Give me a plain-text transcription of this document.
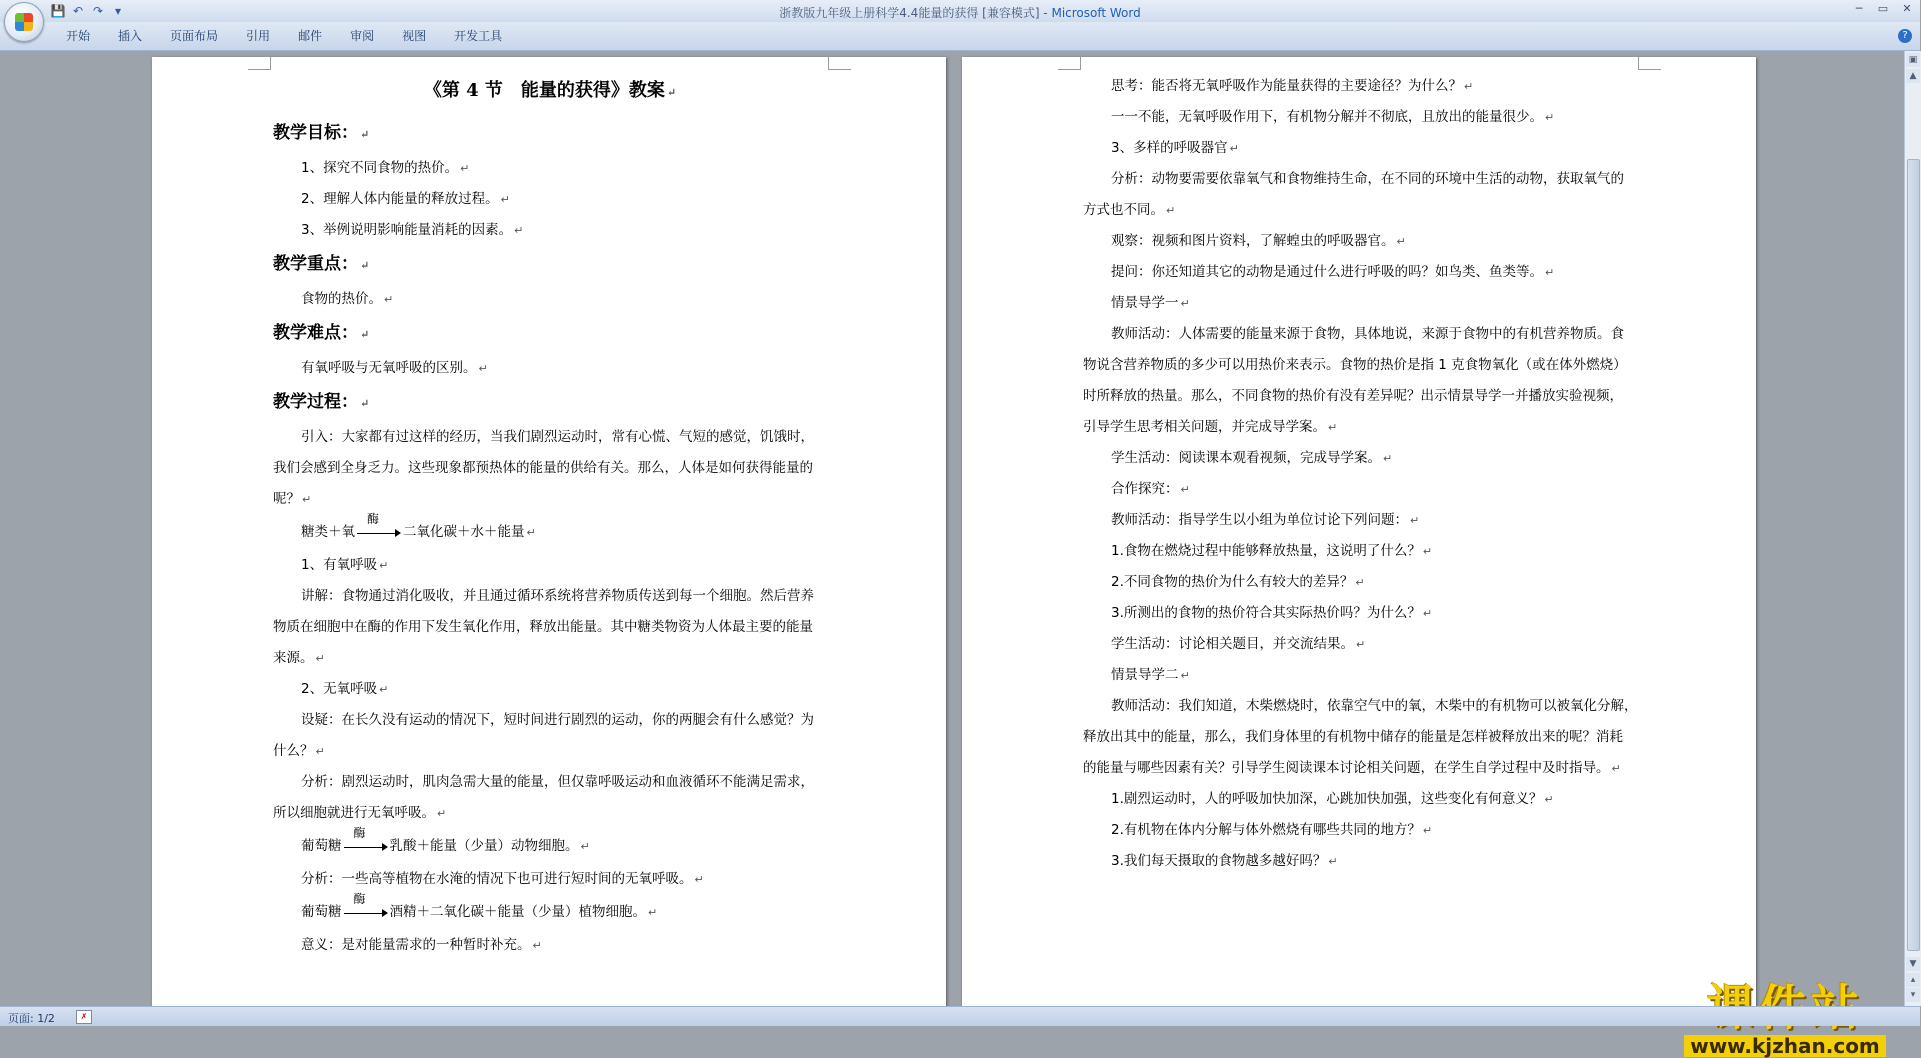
💾 ↶ ↷ ▾	浙教版九年级上册科学4.4能量的获得 [兼容模式] - Microsoft Word	─	▭ ✕
开始	插入	页面布局	引用	邮件	审阅	视图	开发工具	?
《第 4 节　能量的获得》教案 ↵
教学目标： ↵
1、探究不同食物的热价。 ↵
2、理解人体内能量的释放过程。 ↵
3、举例说明影响能量消耗的因素。 ↵
教学重点： ↵
食物的热价。 ↵
教学难点： ↵
有氧呼吸与无氧呼吸的区别。 ↵
教学过程： ↵
引入：大家都有过这样的经历，当我们剧烈运动时，常有心慌、气短的感觉，饥饿时，
我们会感到全身乏力。这些现象都预热体的能量的供给有关。那么，人体是如何获得能量的
呢？ ↵
糖类＋氧
酶
二氧化碳＋水＋能量 ↵
1、有氧呼吸 ↵
讲解：食物通过消化吸收，并且通过循环系统将营养物质传送到每一个细胞。然后营养
物质在细胞中在酶的作用下发生氧化作用，释放出能量。其中糖类物资为人体最主要的能量
来源。 ↵
2、无氧呼吸 ↵
设疑：在长久没有运动的情况下，短时间进行剧烈的运动，你的两腿会有什么感觉？为
什么？ ↵
分析：剧烈运动时，肌肉急需大量的能量，但仅靠呼吸运动和血液循环不能满足需求，
所以细胞就进行无氧呼吸。 ↵
葡萄糖
酶
乳酸＋能量（少量）动物细胞。 ↵
分析：一些高等植物在水淹的情况下也可进行短时间的无氧呼吸。 ↵
葡萄糖
酶
酒精＋二氧化碳＋能量（少量）植物细胞。 ↵
意义：是对能量需求的一种暂时补充。 ↵
思考：能否将无氧呼吸作为能量获得的主要途径？为什么？ ↵
一一不能，无氧呼吸作用下，有机物分解并不彻底，且放出的能量很少。 ↵
3、多样的呼吸器官 ↵
分析：动物要需要依靠氧气和食物维持生命，在不同的环境中生活的动物，获取氧气的
方式也不同。 ↵
观察：视频和图片资料，了解蝗虫的呼吸器官。 ↵
提问：你还知道其它的动物是通过什么进行呼吸的吗？如鸟类、鱼类等。 ↵
情景导学一 ↵
教师活动：人体需要的能量来源于食物，具体地说，来源于食物中的有机营养物质。食
物说含营养物质的多少可以用热价来表示。食物的热价是指 1 克食物氧化（或在体外燃烧）
时所释放的热量。那么，不同食物的热价有没有差异呢？出示情景导学一并播放实验视频，
引导学生思考相关问题，并完成导学案。 ↵
学生活动：阅读课本观看视频，完成导学案。 ↵
合作探究： ↵
教师活动：指导学生以小组为单位讨论下列问题： ↵
1.食物在燃烧过程中能够释放热量，这说明了什么？ ↵
2.不同食物的热价为什么有较大的差异？ ↵
3.所测出的食物的热价符合其实际热价吗？为什么？ ↵
学生活动：讨论相关题目，并交流结果。 ↵
情景导学二 ↵
教师活动：我们知道，木柴燃烧时，依靠空气中的氧，木柴中的有机物可以被氧化分解，
释放出其中的能量，那么，我们身体里的有机物中储存的能量是怎样被释放出来的呢？消耗
的能量与哪些因素有关？引导学生阅读课本讨论相关问题，在学生自学过程中及时指导。 ↵
1.剧烈运动时，人的呼吸加快加深，心跳加快加强，这些变化有何意义？ ↵
2.有机物在体内分解与体外燃烧有哪些共同的地方？ ↵
3.我们每天摄取的食物越多越好吗？ ↵
www.kjzhan.com
▣
▲
▼
▴
▾
页面: 1/2	✗
